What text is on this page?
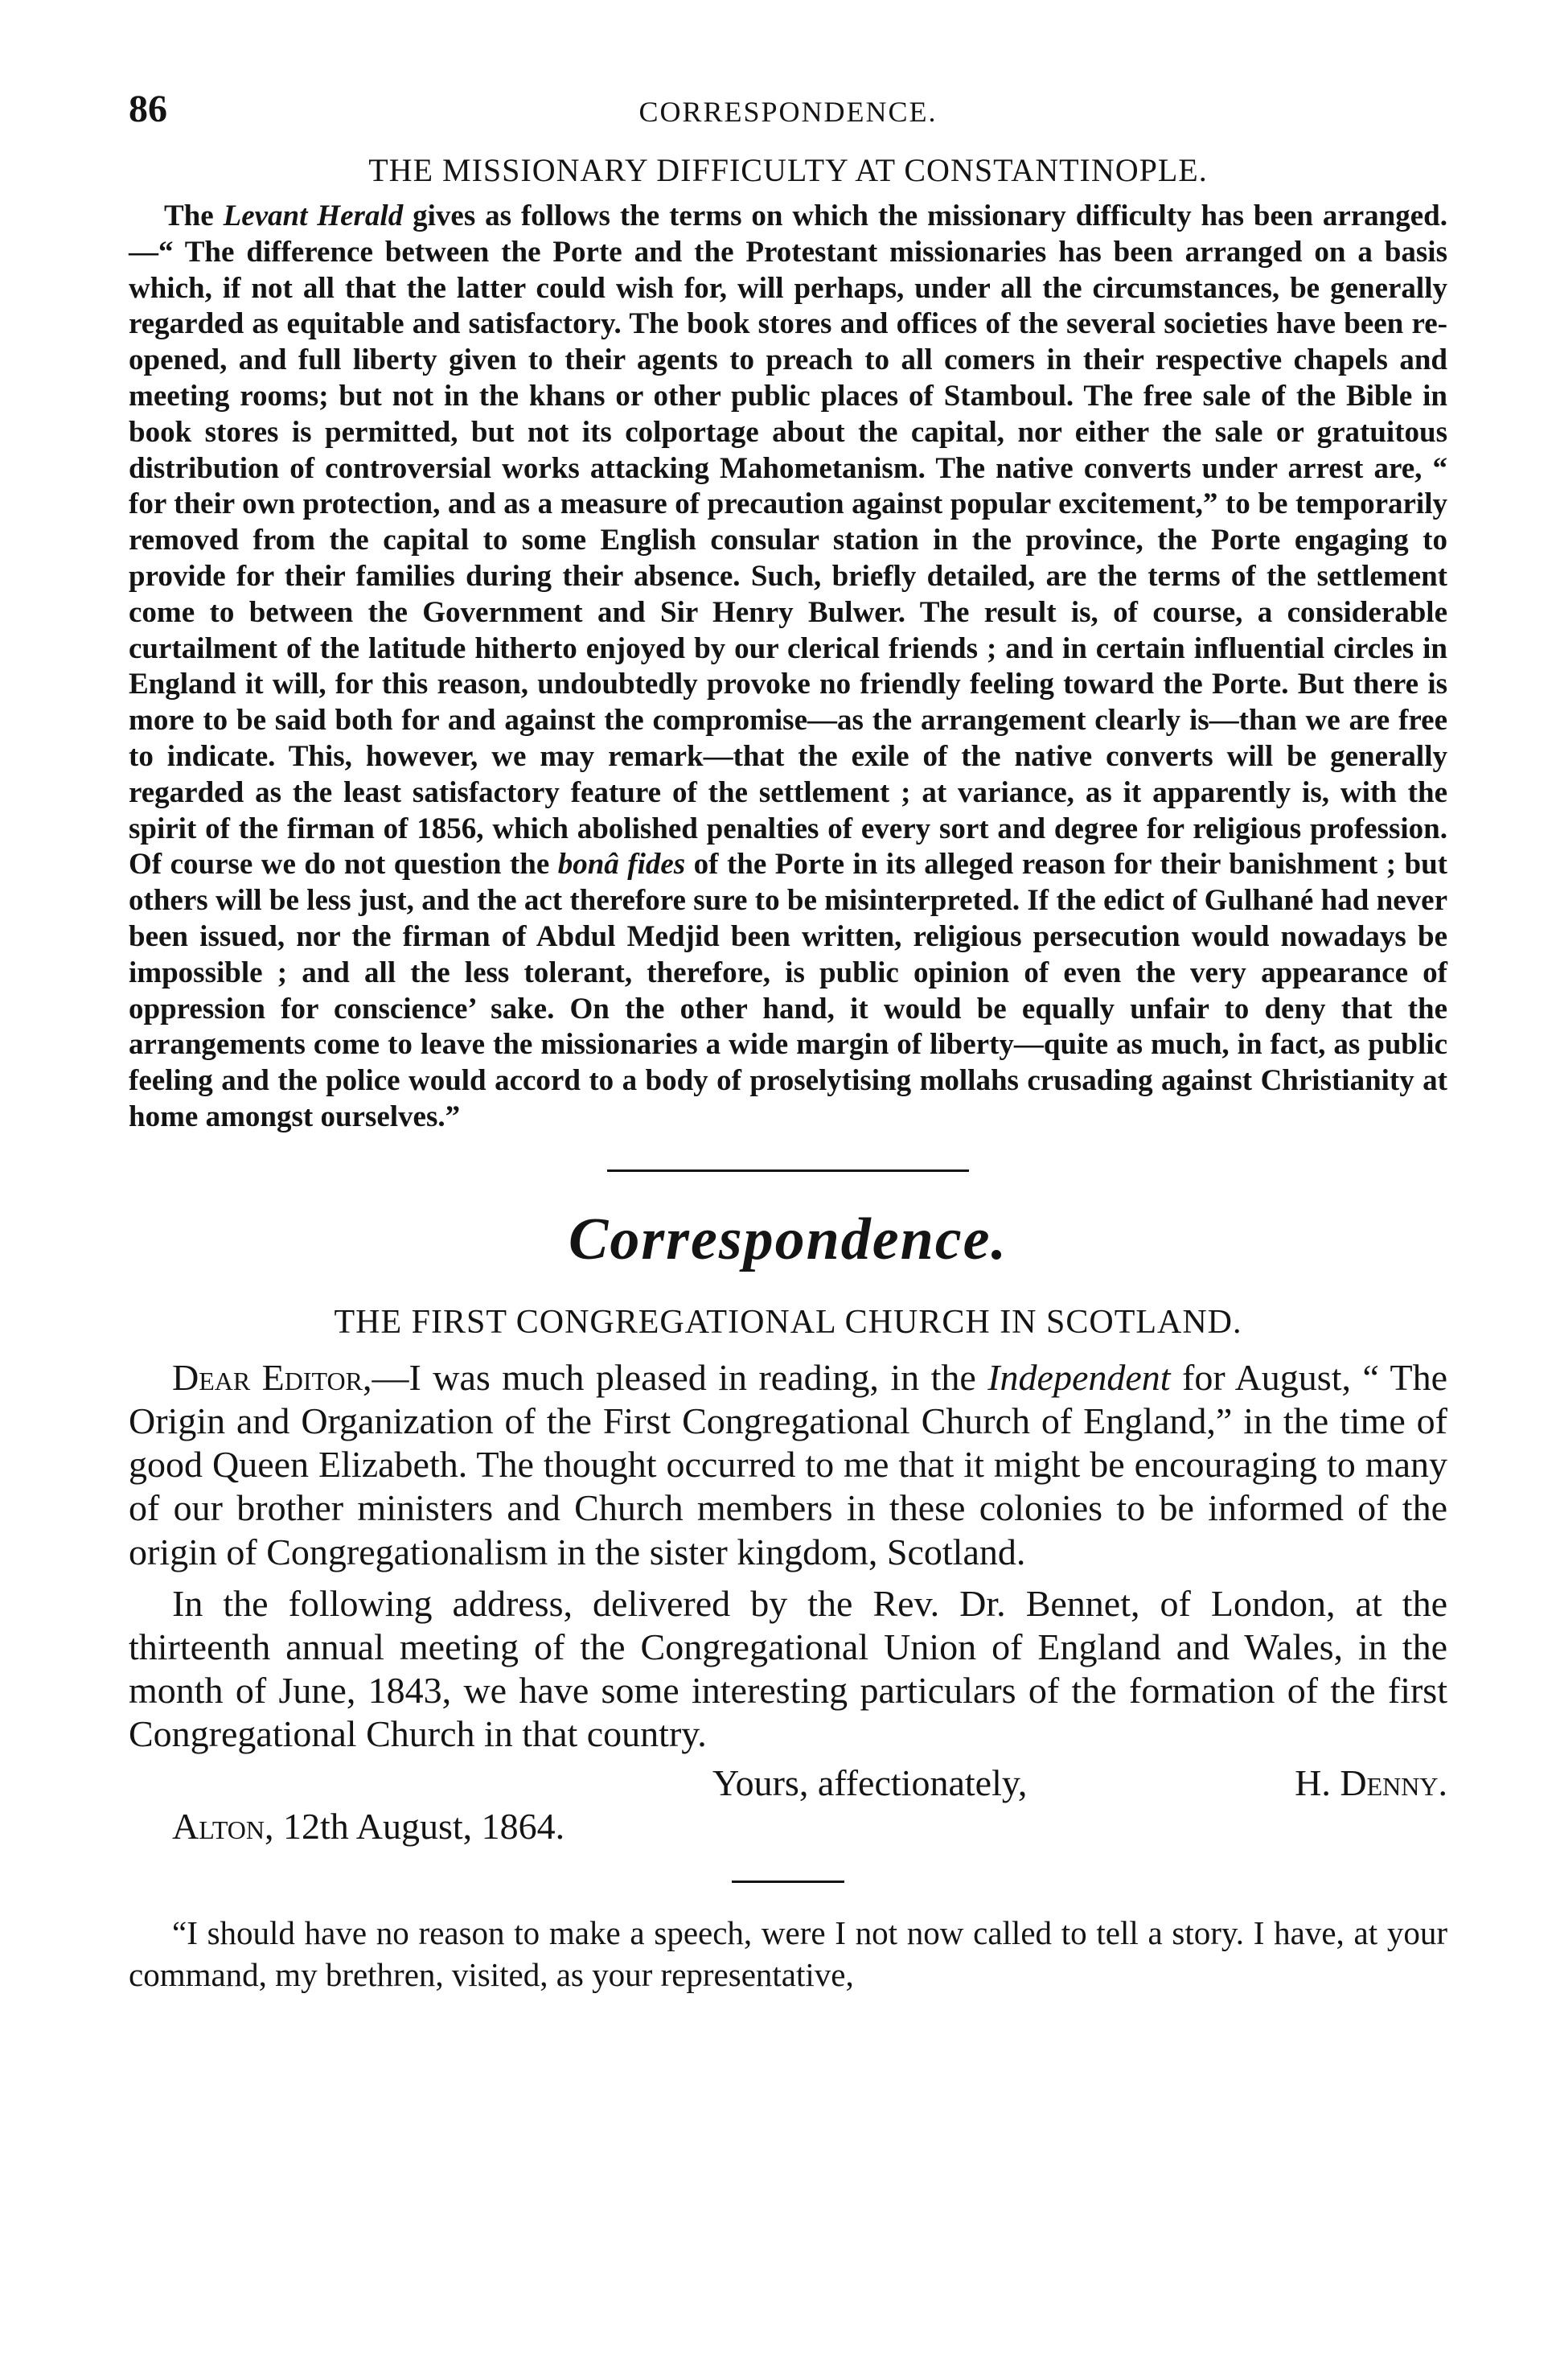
86	CORRESPONDENCE.
THE MISSIONARY DIFFICULTY AT CONSTANTINOPLE.

The Levant Herald gives as follows the terms on which the missionary difficulty has been arranged.—“ The difference between the Porte and the Protestant missionaries has been arranged on a basis which, if not all that the latter could wish for, will perhaps, under all the circumstances, be generally regarded as equitable and satisfactory. The book stores and offices of the several societies have been re-opened, and full liberty given to their agents to preach to all comers in their respective chapels and meeting rooms; but not in the khans or other public places of Stamboul. The free sale of the Bible in book stores is permitted, but not its colportage about the capital, nor either the sale or gratuitous distribution of controversial works attacking Mahometanism. The native converts under arrest are, “ for their own protection, and as a measure of precaution against popular excitement,” to be temporarily removed from the capital to some English consular station in the province, the Porte engaging to provide for their families during their absence. Such, briefly detailed, are the terms of the settlement come to between the Government and Sir Henry Bulwer. The result is, of course, a considerable curtailment of the latitude hitherto enjoyed by our clerical friends ; and in certain influential circles in England it will, for this reason, undoubtedly provoke no friendly feeling toward the Porte. But there is more to be said both for and against the compromise—as the arrangement clearly is—than we are free to indicate. This, however, we may remark—that the exile of the native converts will be generally regarded as the least satisfactory feature of the settlement ; at variance, as it apparently is, with the spirit of the firman of 1856, which abolished penalties of every sort and degree for religious profession. Of course we do not question the bonâ fides of the Porte in its alleged reason for their banishment ; but others will be less just, and the act therefore sure to be misinterpreted. If the edict of Gulhané had never been issued, nor the firman of Abdul Medjid been written, religious persecution would nowadays be impossible ; and all the less tolerant, therefore, is public opinion of even the very appearance of oppression for conscience’ sake. On the other hand, it would be equally unfair to deny that the arrangements come to leave the missionaries a wide margin of liberty—quite as much, in fact, as public feeling and the police would accord to a body of proselytising mollahs crusading against Christianity at home amongst ourselves.”

Correspondence.
THE FIRST CONGREGATIONAL CHURCH IN SCOTLAND.

Dear Editor,—I was much pleased in reading, in the Independent for August, “ The Origin and Organization of the First Congregational Church of England,” in the time of good Queen Elizabeth. The thought occurred to me that it might be encouraging to many of our brother ministers and Church members in these colonies to be informed of the origin of Congregationalism in the sister kingdom, Scotland.

In the following address, delivered by the Rev. Dr. Bennet, of London, at the thirteenth annual meeting of the Congregational Union of England and Wales, in the month of June, 1843, we have some interesting particulars of the formation of the first Congregational Church in that country.

Yours, affectionately,	H. Denny.
Alton, 12th August, 1864.

“I should have no reason to make a speech, were I not now called to tell a story. I have, at your command, my brethren, visited, as your representative,
